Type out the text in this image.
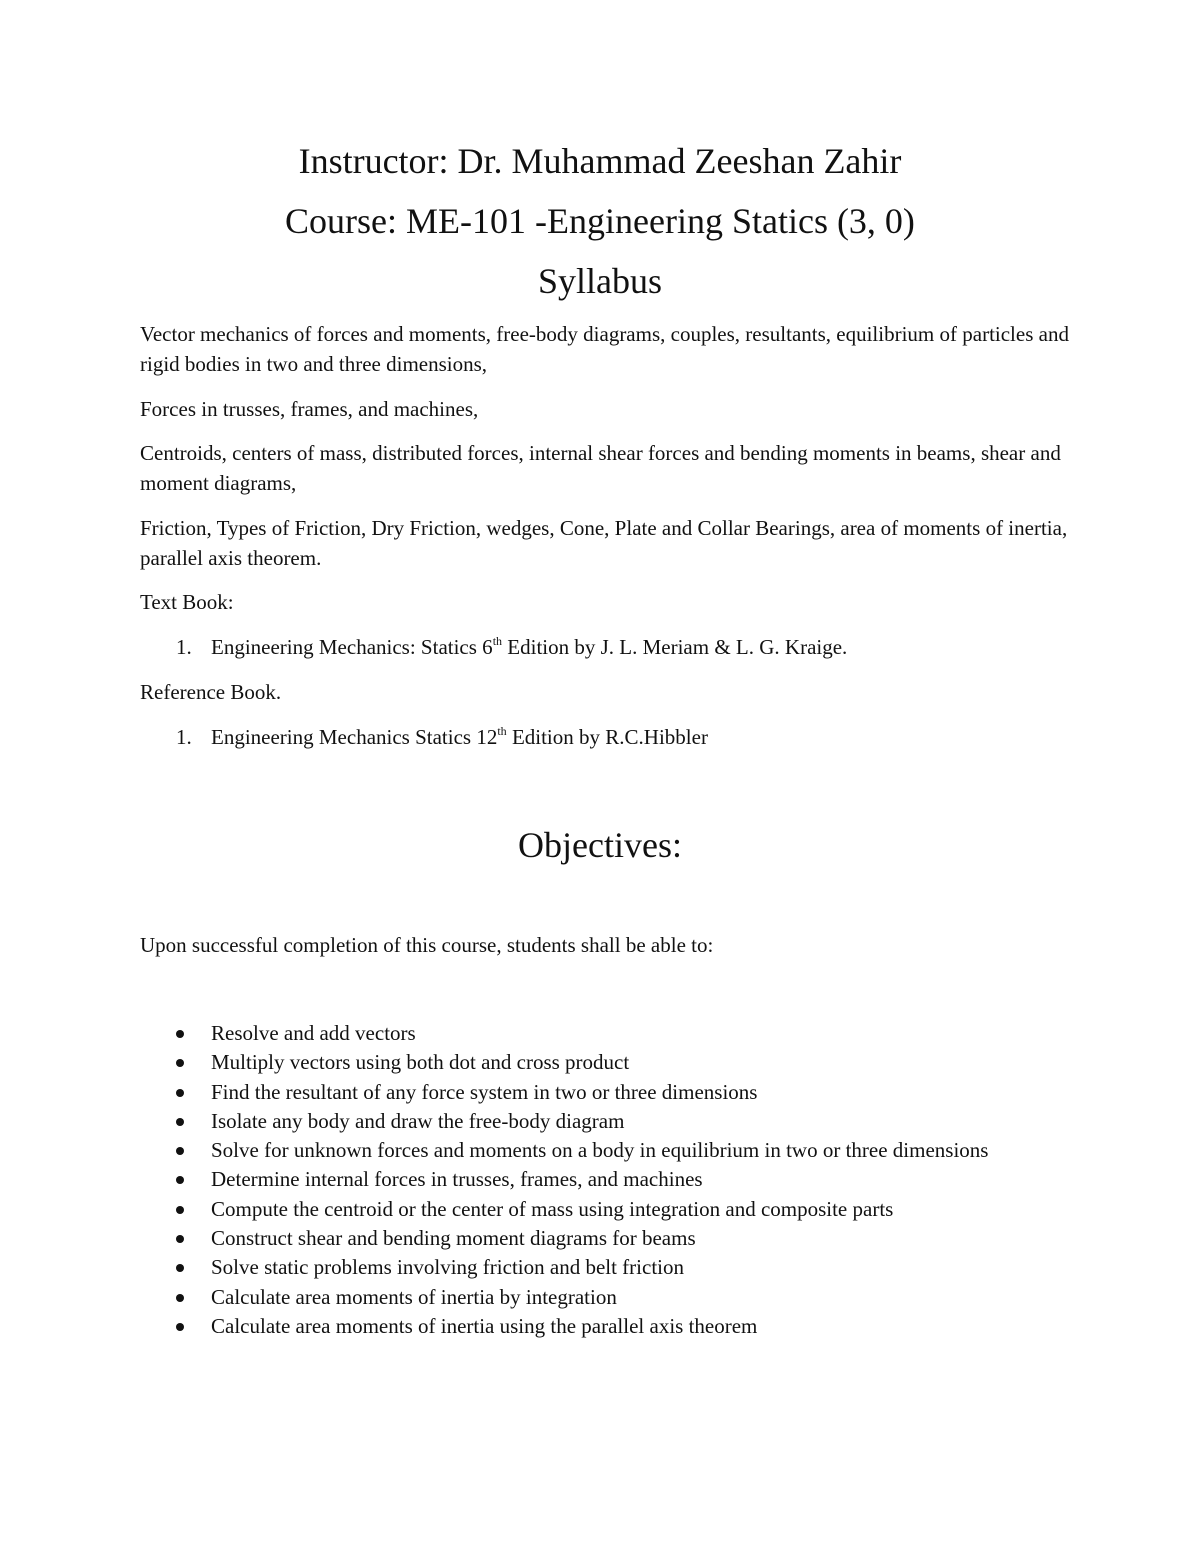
Instructor: Dr. Muhammad Zeeshan Zahir
Course: ME-101 -Engineering Statics (3, 0)
Syllabus

Vector mechanics of forces and moments, free-body diagrams, couples, resultants, equilibrium of particles and rigid bodies in two and three dimensions,

Forces in trusses, frames, and machines,

Centroids, centers of mass, distributed forces, internal shear forces and bending moments in beams, shear and moment diagrams,

Friction, Types of Friction, Dry Friction, wedges, Cone, Plate and Collar Bearings, area of moments of inertia, parallel axis theorem.

Text Book:

1. Engineering Mechanics: Statics 6th Edition by J. L. Meriam & L. G. Kraige.

Reference Book.

1. Engineering Mechanics Statics 12th Edition by R.C.Hibbler
Objectives:

Upon successful completion of this course, students shall be able to:

Resolve and add vectors
Multiply vectors using both dot and cross product
Find the resultant of any force system in two or three dimensions
Isolate any body and draw the free-body diagram
Solve for unknown forces and moments on a body in equilibrium in two or three dimensions
Determine internal forces in trusses, frames, and machines
Compute the centroid or the center of mass using integration and composite parts
Construct shear and bending moment diagrams for beams
Solve static problems involving friction and belt friction
Calculate area moments of inertia by integration
Calculate area moments of inertia using the parallel axis theorem
